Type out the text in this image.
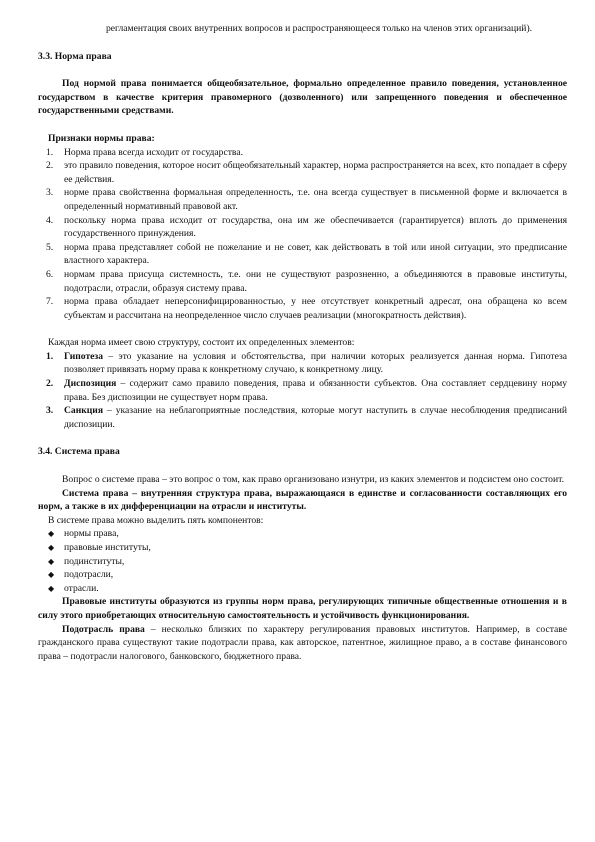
регламентация своих внутренних вопросов и распространяющееся только на членов этих организаций).

3.3. Норма права

Под нормой права понимается общеобязательное, формально определенное правило поведения, установленное государством в качестве критерия правомерного (дозволенного) или запрещенного поведения и обеспеченное государственными средствами.

Признаки нормы права:

1. Норма права всегда исходит от государства.
2. это правило поведения, которое носит общеобязательный характер, норма распространяется на всех, кто попадает в сферу ее действия.
3. норме права свойственна формальная определенность, т.е. она всегда существует в письменной форме и включается в определенный нормативный правовой акт.
4. поскольку норма права исходит от государства, она им же обеспечивается (гарантируется) вплоть до применения государственного принуждения.
5. норма права представляет собой не пожелание и не совет, как действовать в той или иной ситуации, это предписание властного характера.
6. нормам права присуща системность, т.е. они не существуют разрозненно, а объединяются в правовые институты, подотрасли, отрасли, образуя систему права.
7. норма права обладает неперсонифицированностью, у нее отсутствует конкретный адресат, она обращена ко всем субъектам и рассчитана на неопределенное число случаев реализации (многократность действия).

Каждая норма имеет свою структуру, состоит их определенных элементов:

1. Гипотеза – это указание на условия и обстоятельства, при наличии которых реализуется данная норма. Гипотеза позволяет привязать норму права к конкретному случаю, к конкретному лицу.
2. Диспозиция – содержит само правило поведения, права и обязанности субъектов. Она составляет сердцевину норму права. Без диспозиции не существует норм права.
3. Санкция – указание на неблагоприятные последствия, которые могут наступить в случае несоблюдения предписаний диспозиции.

3.4. Система права

Вопрос о системе права – это вопрос о том, как право организовано изнутри, из каких элементов и подсистем оно состоит.

Система права – внутренняя структура права, выражающаяся в единстве и согласованности составляющих его норм, а также в их дифференциации на отрасли и институты.

В системе права можно выделить пять компонентов:

◆ нормы права,
◆ правовые институты,
◆ подинституты,
◆ подотрасли,
◆ отрасли.

Правовые институты образуются из группы норм права, регулирующих типичные общественные отношения и в силу этого приобретающих относительную самостоятельность и устойчивость функционирования.

Подотрасль права – несколько близких по характеру регулирования правовых институтов. Например, в составе гражданского права существуют такие подотрасли права, как авторское, патентное, жилищное право, а в составе финансового права – подотрасли налогового, банковского, бюджетного права.
